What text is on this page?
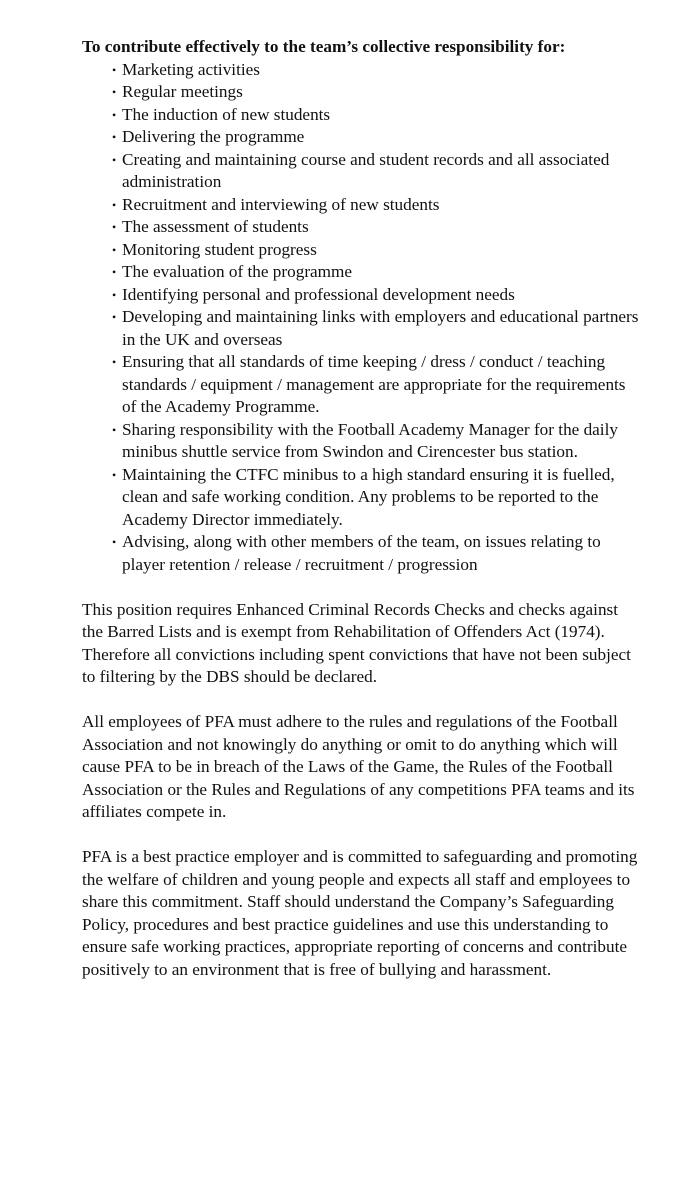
To contribute effectively to the team’s collective responsibility for:

• Marketing activities
• Regular meetings
• The induction of new students
• Delivering the programme
• Creating and maintaining course and student records and all associated administration
• Recruitment and interviewing of new students
• The assessment of students
• Monitoring student progress
• The evaluation of the programme
• Identifying personal and professional development needs
• Developing and maintaining links with employers and educational partners in the UK and overseas
• Ensuring that all standards of time keeping / dress / conduct / teaching standards / equipment / management are appropriate for the requirements of the Academy Programme.
• Sharing responsibility with the Football Academy Manager for the daily minibus shuttle service from Swindon and Cirencester bus station.
• Maintaining the CTFC minibus to a high standard ensuring it is fuelled, clean and safe working condition. Any problems to be reported to the Academy Director immediately.
• Advising, along with other members of the team, on issues relating to player retention / release / recruitment / progression

This position requires Enhanced Criminal Records Checks and checks against the Barred Lists and is exempt from Rehabilitation of Offenders Act (1974). Therefore all convictions including spent convictions that have not been subject to filtering by the DBS should be declared.

All employees of PFA must adhere to the rules and regulations of the Football Association and not knowingly do anything or omit to do anything which will cause PFA to be in breach of the Laws of the Game, the Rules of the Football Association or the Rules and Regulations of any competitions PFA teams and its affiliates compete in.

PFA is a best practice employer and is committed to safeguarding and promoting the welfare of children and young people and expects all staff and employees to share this commitment. Staff should understand the Company’s Safeguarding Policy, procedures and best practice guidelines and use this understanding to ensure safe working practices, appropriate reporting of concerns and contribute positively to an environment that is free of bullying and harassment.
